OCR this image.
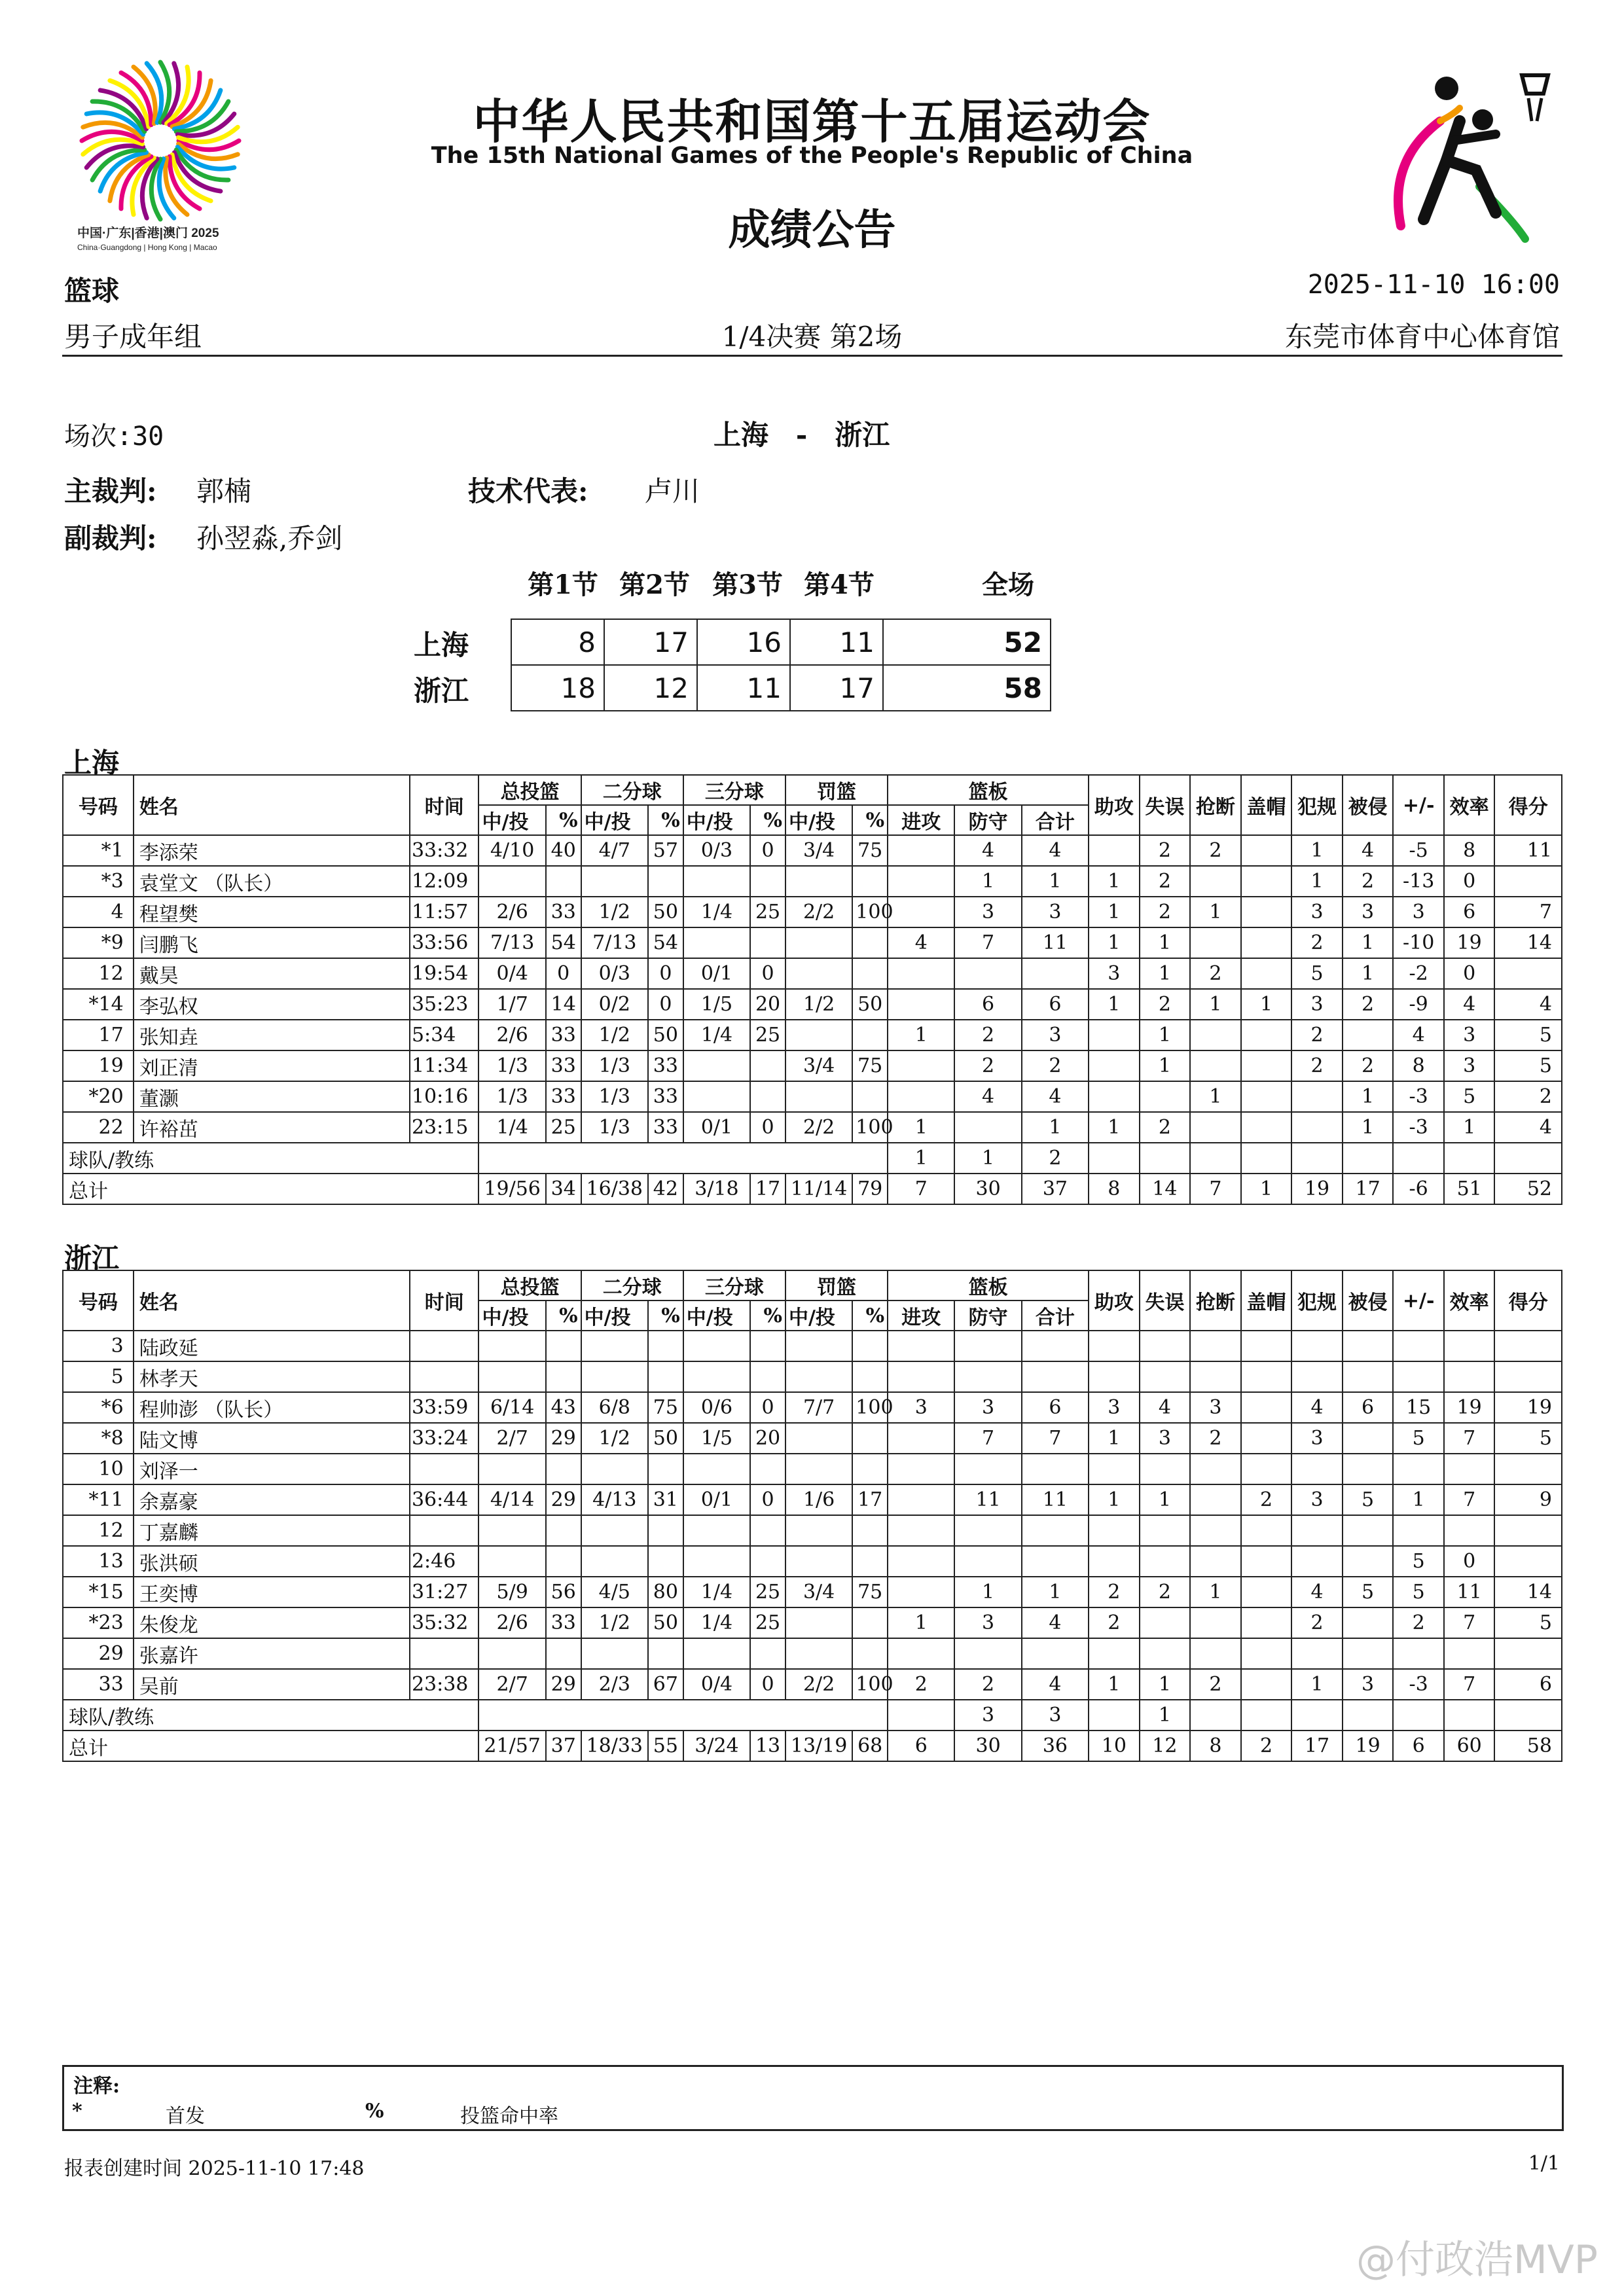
中国·广东|香港|澳门 2025
China·Guangdong | Hong Kong | Macao
中华人民共和国第十五届运动会
The 15th National Games of the People's Republic of China
成绩公告
篮球	2025-11-10 16:00
男子成年组	1/4决赛 第2场	东莞市体育中心体育馆
场次:30	上海 - 浙江
主裁判: 郭楠	技术代表: 卢川
副裁判: 孙翌淼,乔剑
第1节 第2节 第3节 第4节	全场
上海
浙江
8	17	16	11	52
18	12	11	17	58
上海
号码	姓名	时间	总投篮		二分球		三分球		罚篮		篮板			助攻	失误	抢断	盖帽	犯规	被侵	+/-	效率	得分
			中/投	%	中/投	%	中/投	%	中/投	%	进攻	防守	合计									
*1	李添荣	33:32	4/10	40	4/7	57	0/3	0	3/4	75		4	4		2	2		1	4	-5	8	11
*3	袁堂文 （队长）	12:09										1	1	1	2			1	2	-13	0	
4	程望樊	11:57	2/6	33	1/2	50	1/4	25	2/2	100		3	3	1	2	1		3	3	3	6	7
*9	闫鹏飞	33:56	7/13	54	7/13	54					4	7	11	1	1			2	1	-10	19	14
12	戴昊	19:54	0/4	0	0/3	0	0/1	0						3	1	2		5	1	-2	0	
*14	李弘权	35:23	1/7	14	0/2	0	1/5	20	1/2	50		6	6	1	2	1	1	3	2	-9	4	4
17	张知垚	5:34	2/6	33	1/2	50	1/4	25			1	2	3		1			2		4	3	5
19	刘正清	11:34	1/3	33	1/3	33			3/4	75		2	2		1			2	2	8	3	5
*20	董灏	10:16	1/3	33	1/3	33						4	4			1			1	-3	5	2
22	许裕茁	23:15	1/4	25	1/3	33	0/1	0	2/2	100	1		1	1	2				1	-3	1	4
球队/教练											1	1	2									
总计			19/56	34	16/38	42	3/18	17	11/14	79	7	30	37	8	14	7	1	19	17	-6	51	52
浙江
号码	姓名	时间	总投篮		二分球		三分球		罚篮		篮板			助攻	失误	抢断	盖帽	犯规	被侵	+/-	效率	得分
			中/投	%	中/投	%	中/投	%	中/投	%	进攻	防守	合计									
3	陆政延																					
5	林孝天																					
*6	程帅澎 （队长）	33:59	6/14	43	6/8	75	0/6	0	7/7	100	3	3	6	3	4	3		4	6	15	19	19
*8	陆文博	33:24	2/7	29	1/2	50	1/5	20				7	7	1	3	2		3		5	7	5
10	刘泽一																					
*11	余嘉豪	36:44	4/14	29	4/13	31	0/1	0	1/6	17		11	11	1	1		2	3	5	1	7	9
12	丁嘉麟																					
13	张洪硕	2:46																		5	0	
*15	王奕博	31:27	5/9	56	4/5	80	1/4	25	3/4	75		1	1	2	2	1		4	5	5	11	14
*23	朱俊龙	35:32	2/6	33	1/2	50	1/4	25			1	3	4	2				2		2	7	5
29	张嘉许																					
33	吴前	23:38	2/7	29	2/3	67	0/4	0	2/2	100	2	2	4	1	1	2		1	3	-3	7	6
球队/教练												3	3		1							
总计			21/57	37	18/33	55	3/24	13	13/19	68	6	30	36	10	12	8	2	17	19	6	60	58
注释:
*	首发	%	投篮命中率
报表创建时间 2025-11-10 17:48	1/1
@付政浩MVP
